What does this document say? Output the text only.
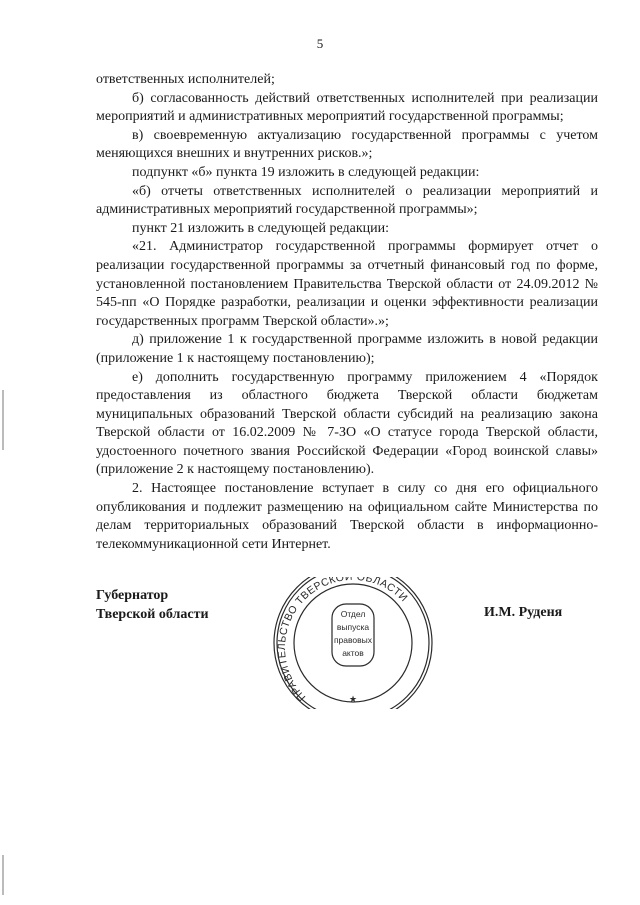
5

ответственных исполнителей;

б) согласованность действий ответственных исполнителей при реализации мероприятий и административных мероприятий государственной программы;

в) своевременную актуализацию государственной программы с учетом меняющихся внешних и внутренних рисков.»;

подпункт «б» пункта 19 изложить в следующей редакции:

«б) отчеты ответственных исполнителей о реализации мероприятий и административных мероприятий государственной программы»;

пункт 21 изложить в следующей редакции:

«21. Администратор государственной программы формирует отчет о реализации государственной программы за отчетный финансовый год по форме, установленной постановлением Правительства Тверской области от 24.09.2012 № 545-пп «О Порядке разработки, реализации и оценки эффективности реализации государственных программ Тверской области».»;

д) приложение 1 к государственной программе изложить в новой редакции (приложение 1 к настоящему постановлению);

е) дополнить государственную программу приложением 4 «Порядок предоставления из областного бюджета Тверской области бюджетам муниципальных образований Тверской области субсидий на реализацию закона Тверской области от 16.02.2009 № 7-ЗО «О статусе города Тверской области, удостоенного почетного звания Российской Федерации «Город воинской славы» (приложение 2 к настоящему постановлению).

2. Настоящее постановление вступает в силу со дня его официального опубликования и подлежит размещению на официальном сайте Министерства по делам территориальных образований Тверской области в информационно-телекоммуникационной сети Интернет.

Губернатор
Тверской области
ПРАВИТЕЛЬСТВО ТВЕРСКО ОБЛАСТИ
Отдел
выпуска
правовых
актов
★
И.М. Руденя
